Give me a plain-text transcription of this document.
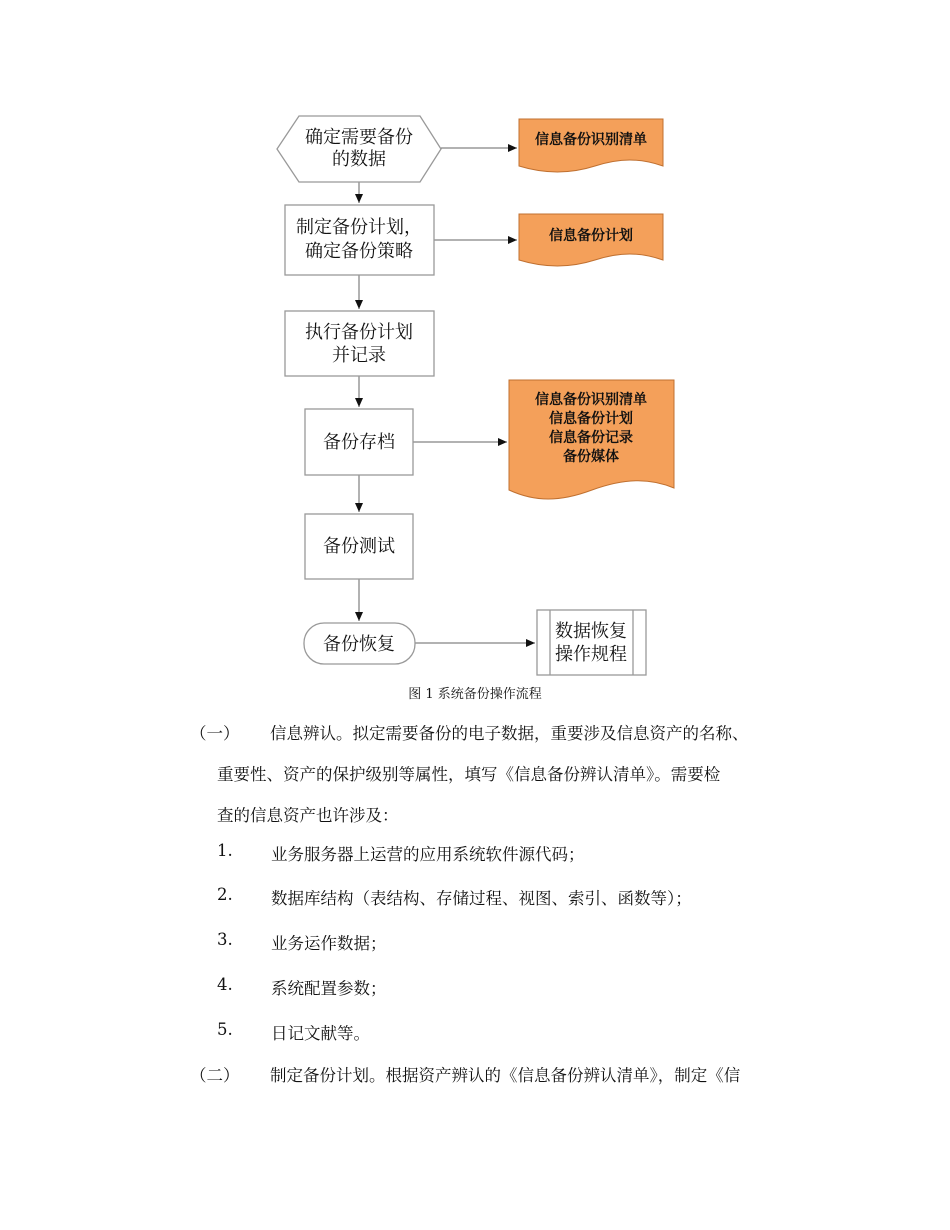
确定需要备份
的数据
制定备份计划，
确定备份策略
执行备份计划
并记录
备份存档
备份测试
备份恢复
信息备份识别清单
信息备份计划
信息备份识别清单
信息备份计划
信息备份记录
备份媒体
数据恢复
操作规程
图 1 系统备份操作流程
（一） 信息辨认。拟定需要备份的电子数据，重要涉及信息资产的名称、
重要性、资产的保护级别等属性，填写《信息备份辨认清单》。需要检
查的信息资产也许涉及：
1. 业务服务器上运营的应用系统软件源代码；
2. 数据库结构（表结构、存储过程、视图、索引、函数等）；
3. 业务运作数据；
4. 系统配置参数；
5. 日记文献等。
（二） 制定备份计划。根据资产辨认的《信息备份辨认清单》，制定《信
